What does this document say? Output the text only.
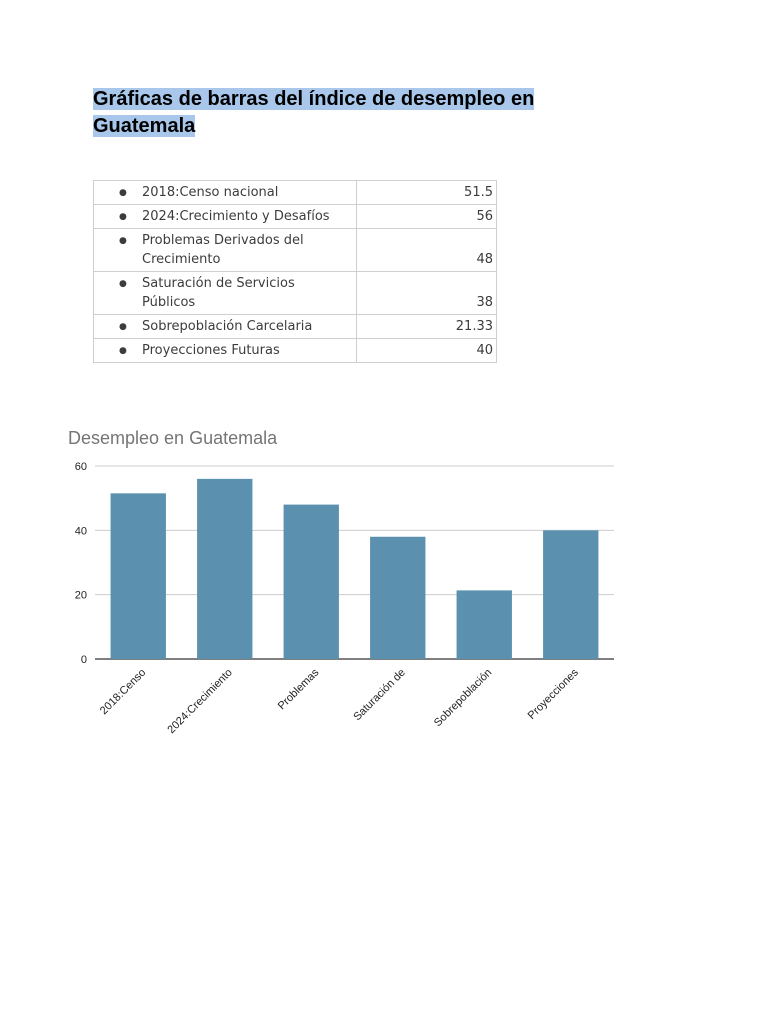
Gráficas de barras del índice de desempleo en Guatemala
● 2018:Censo nacional	51.5

● 2024:Crecimiento y Desafíos	56

● Problemas Derivados del Crecimiento	48

● Saturación de Servicios Públicos	38

● Sobrepoblación Carcelaria	21.33

● Proyecciones Futuras	40
Desempleo en Guatemala
0
20
40
60
2018:Censo 2024:Crecimiento	Problemas	Saturación de Sobrepoblación	Proyecciones
